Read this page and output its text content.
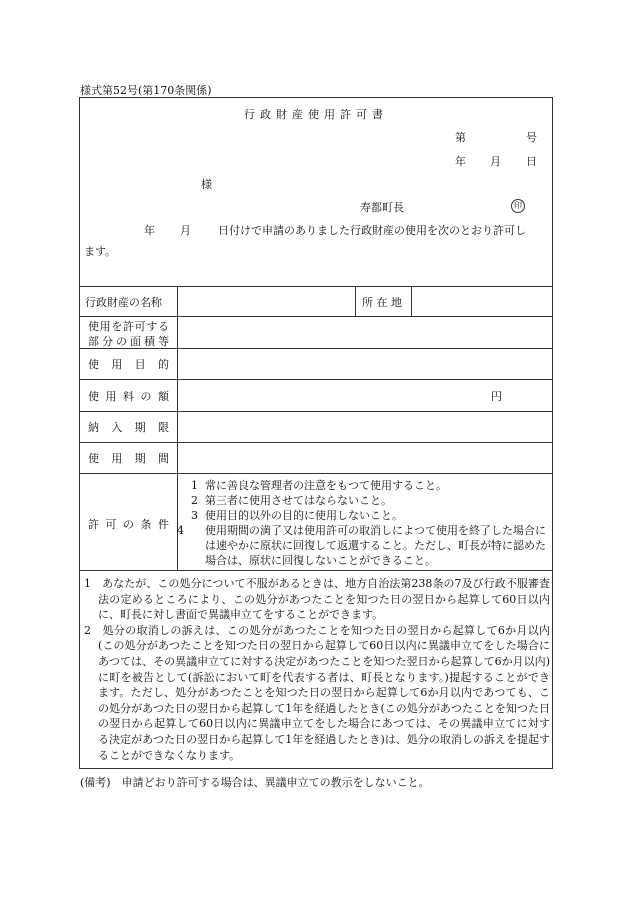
様式第52号(第170条関係)
行政財産使用許可書
第	号
年 月 日
様
寿都町長	印
年 月 日付けで申請のありました行政財産の使用を次のとおり許可し
ます。
行政財産の名称	所 在 地
使用を許可する
部分の面積等
使用目的
使用料の額	円
納入期限
使用期間
許可の条件
1 常に善良な管理者の注意をもつて使用すること。
2 第三者に使用させてはならないこと。
3 使用目的以外の目的に使用しないこと。
4 使用期間の満了又は使用許可の取消しによつて使用を終了した場合には速やかに原状に回復して返還すること。ただし、町長が特に認めた場合は、原状に回復しないことができること。
1　あなたが、この処分について不服があるときは、地方自治法第238条の7及び行政不服審査法の定めるところにより、この処分があつたことを知つた日の翌日から起算して60日以内に、町長に対し書面で異議申立てをすることができます。
2　処分の取消しの訴えは、この処分があつたことを知つた日の翌日から起算して6か月以内(この処分があつたことを知つた日の翌日から起算して60日以内に異議申立てをした場合にあつては、その異議申立てに対する決定があつたことを知つた翌日から起算して6か月以内)に町を被告として(訴訟において町を代表する者は、町長となります。)提起することができます。ただし、処分があつたことを知つた日の翌日から起算して6か月以内であつても、この処分があつた日の翌日から起算して1年を経過したとき(この処分があつたことを知つた日の翌日から起算して60日以内に異議申立てをした場合にあつては、その異議申立てに対する決定があつた日の翌日から起算して1年を経過したとき)は、処分の取消しの訴えを提起することができなくなります。
(備考)　申請どおり許可する場合は、異議申立ての教示をしないこと。
